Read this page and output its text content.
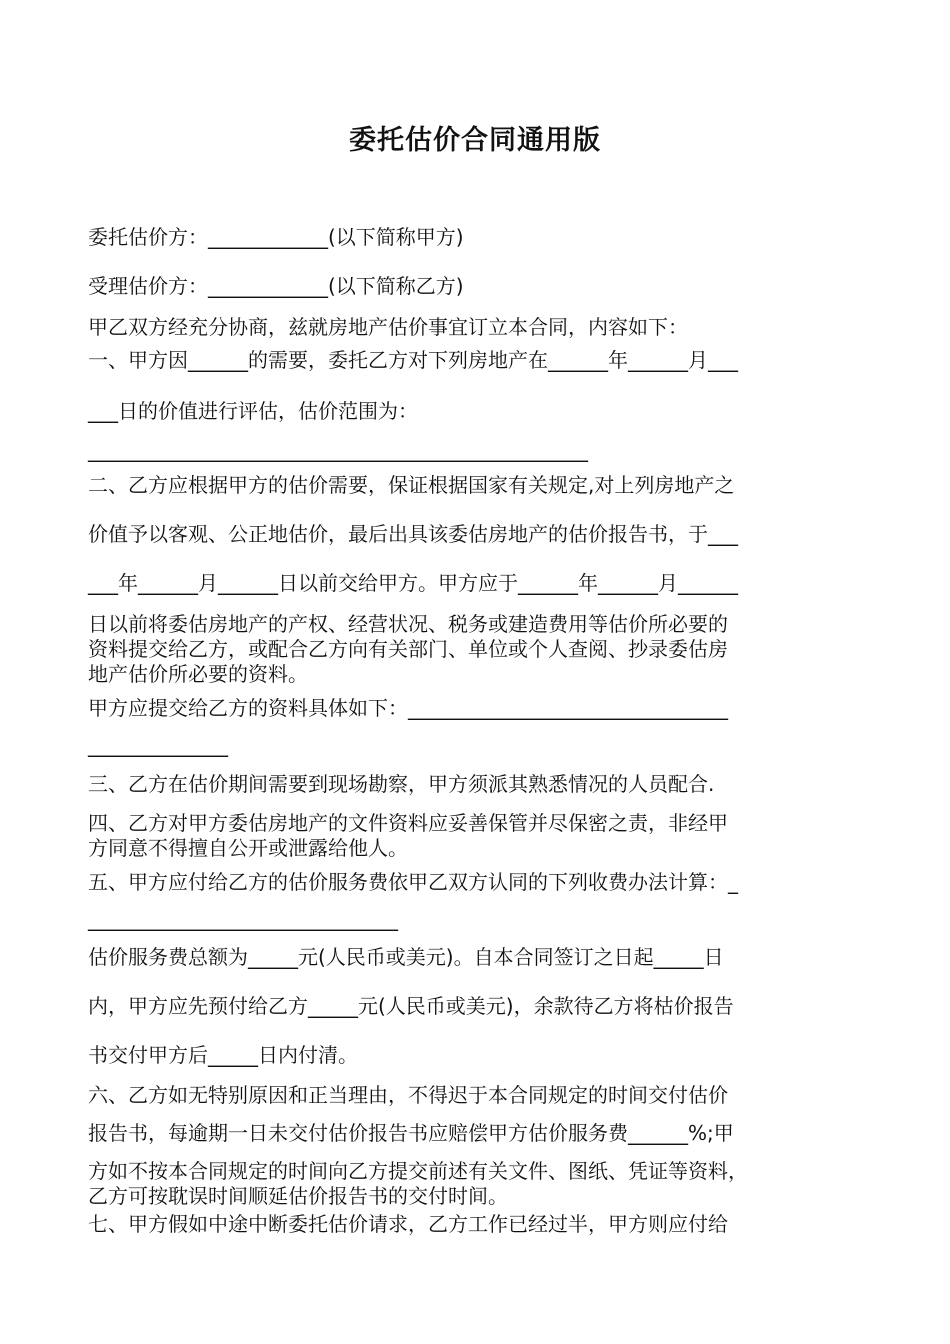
委托估价合同通用版
委托估价方：____________(以下简称甲方)
受理估价方：____________(以下简称乙方)
甲乙双方经充分协商，兹就房地产估价事宜订立本合同，内容如下：
一、甲方因______的需要，委托乙方对下列房地产在______年______月___
___日的价值进行评估，估价范围为：
__________________________________________________
二、乙方应根据甲方的估价需要，保证根据国家有关规定,对上列房地产之
价值予以客观、公正地估价，最后出具该委估房地产的估价报告书，于___
___年______月______日以前交给甲方。甲方应于______年______月______
日以前将委估房地产的产权、经营状况、税务或建造费用等估价所必要的
资料提交给乙方，或配合乙方向有关部门、单位或个人查阅、抄录委估房
地产估价所必要的资料。
甲方应提交给乙方的资料具体如下：________________________________
______________
三、乙方在估价期间需要到现场勘察，甲方须派其熟悉情况的人员配合.
四、乙方对甲方委估房地产的文件资料应妥善保管并尽保密之责，非经甲
方同意不得擅自公开或泄露给他人。
五、甲方应付给乙方的估价服务费依甲乙双方认同的下列收费办法计算：_
_______________________________
估价服务费总额为_____元(人民币或美元)。自本合同签订之日起_____日
内，甲方应先预付给乙方_____元(人民币或美元)，余款待乙方将枯价报告
书交付甲方后_____日内付清。
六、乙方如无特别原因和正当理由，不得迟于本合同规定的时间交付估价
报告书，每逾期一日未交付估价报告书应赔偿甲方估价服务费______%;甲
方如不按本合同规定的时间向乙方提交前述有关文件、图纸、凭证等资料，
乙方可按耽误时间顺延估价报告书的交付时间。
七、甲方假如中途中断委托估价请求，乙方工作已经过半，甲方则应付给
